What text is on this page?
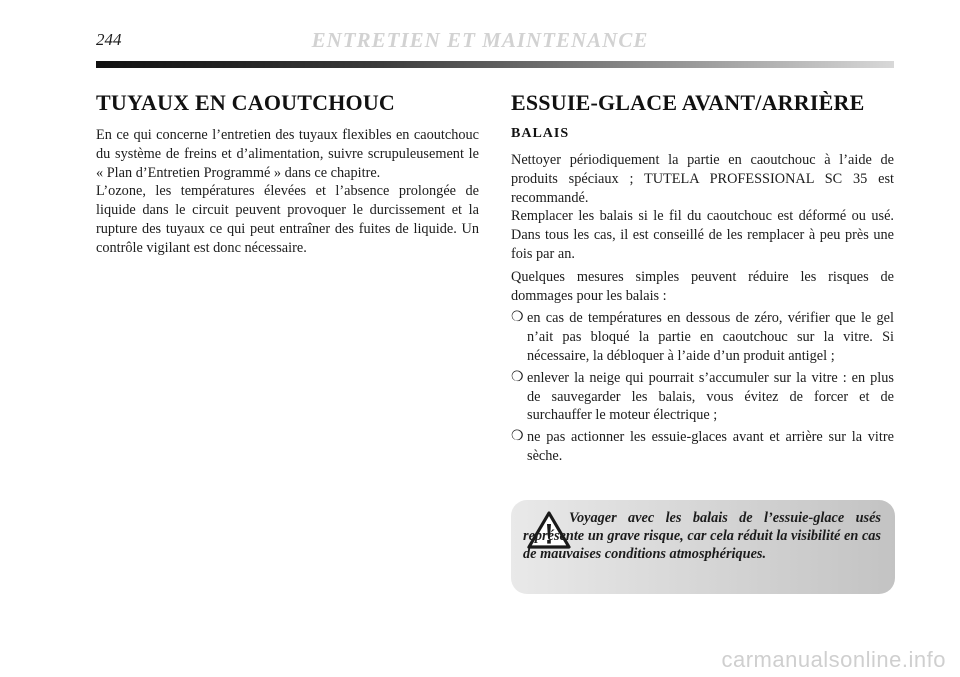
244	ENTRETIEN ET MAINTENANCE
TUYAUX EN CAOUTCHOUC

En ce qui concerne l’entretien des tuyaux flexibles en caoutchouc du système de freins et d’alimentation, suivre scrupuleusement le « Plan d’Entretien Programmé » dans ce chapitre.

L’ozone, les températures élevées et l’absence prolongée de liquide dans le circuit peuvent provoquer le durcissement et la rupture des tuyaux ce qui peut entraîner des fuites de liquide. Un contrôle vigilant est donc nécessaire.

ESSUIE-GLACE AVANT/ARRIÈRE
BALAIS

Nettoyer périodiquement la partie en caoutchouc à l’aide de produits spéciaux ; TUTELA PROFESSIONAL SC 35 est recommandé.

Remplacer les balais si le fil du caoutchouc est déformé ou usé. Dans tous les cas, il est conseillé de les remplacer à peu près une fois par an.

Quelques mesures simples peuvent réduire les risques de dommages pour les balais :

❍ en cas de températures en dessous de zéro, vérifier que le gel n’ait pas bloqué la partie en caoutchouc sur la vitre. Si nécessaire, la débloquer à l’aide d’un produit antigel ;
❍ enlever la neige qui pourrait s’accumuler sur la vitre : en plus de sauvegarder les balais, vous évitez de forcer et de surchauffer le moteur électrique ;
❍ ne pas actionner les essuie-glaces avant et arrière sur la vitre sèche.
Voyager avec les balais de l’essuie-glace usés représente un grave risque, car cela réduit la visibilité en cas de mauvaises conditions atmosphériques.
carmanualsonline.info
